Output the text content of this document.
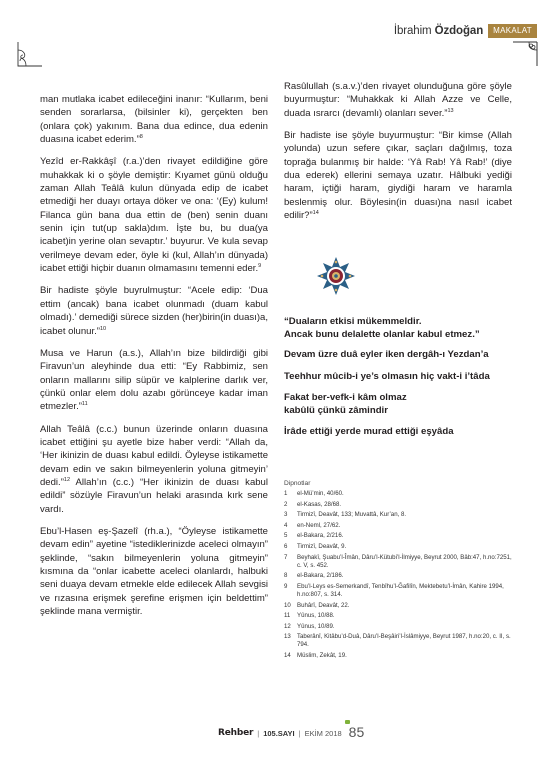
İbrahim Özdoğan	MAKALAT

man mutlaka icabet edileceğini inanır: “Kullarım, beni senden sorarlarsa, (bilsinler ki), gerçekten ben (onlara çok) yakınım. Bana dua edince, dua edenin duasına icabet ederim.”$^8$

Yezîd er-Rakkâşî (r.a.)’den rivayet edildiğine göre muhakkak ki o şöyle demiştir: Kıyamet günü olduğu zaman Allah Teâlâ kulun dünyada edip de icabet etmediği her duayı ortaya döker ve ona: ‘(Ey) kulum! Filanca gün bana dua ettin de (ben) senin duanı senin için tut(up sakla)dım. İşte bu, bu dua(ya icabet)in yerine olan sevaptır.’ buyurur. Ve kula sevap verilmeye devam eder, öyle ki (kul, Allah’ın dünyada) icabet ettiği hiçbir duanın olmamasını temenni eder.$^9$

Bir hadiste şöyle buyrulmuştur: “Acele edip: ‘Dua ettim (ancak) bana icabet olunmadı (duam kabul olmadı).’ demediği sürece sizden (her)birin(in duası)a, icabet olunur.”$^{10}$

Musa ve Harun (a.s.), Allah’ın bize bildirdiği gibi Firavun’un aleyhinde dua etti: “Ey Rabbimiz, sen onların mallarını silip süpür ve kalplerine darlık ver, çünkü onlar elem dolu azabı görünceye kadar iman etmezler.”$^{11}$

Allah Teâlâ (c.c.) bunun üzerinde onların duasına icabet ettiğini şu ayetle bize haber verdi: “Allah da, ‘Her ikinizin de duası kabul edildi. Öyleyse istikamette devam edin ve sakın bilmeyenlerin yoluna gitmeyin’ dedi.”$^{12}$ Allah’ın (c.c.) “Her ikinizin de duası kabul edildi” sözüyle Firavun’un helaki arasında kırk sene vardı.

Ebu’l-Hasen eş-Şazelî (rh.a.), “Öyleyse istikamette devam edin” ayetine “istediklerinizde aceleci olmayın” şeklinde, “sakın bilmeyenlerin yoluna gitmeyin” kısmına da “onlar icabette aceleci olanlardı, halbuki seni duaya devam etmekle elde edilecek Allah sevgisi ve rızasına erişmek şerefine erişmen için beldettim” şeklinde mana vermiştir.

Rasûlullah (s.a.v.)’den rivayet olunduğuna göre şöyle buyurmuştur: “Muhakkak ki Allah Azze ve Celle, duada ısrarcı (devamlı) olanları sever.”$^{13}$

Bir hadiste ise şöyle buyurmuştur: “Bir kimse (Allah yolunda) uzun sefere çıkar, saçları dağılmış, toza toprağa bulanmış bir halde: ‘Yâ Rab! Yâ Rab!’ (diye dua ederek) ellerini semaya uzatır. Hâlbuki yediği haram, içtiği haram, giydiği haram ve haramla beslenmiş olur. Böylesin(in duası)na nasıl icabet edilir?”$^{14}$

“Duaların etkisi mükemmeldir.
Ancak bunu delalette olanlar kabul etmez.”
Devam üzre duâ eyler iken dergâh-ı Yezdan’a
Teehhur mûcib-i ye’s olmasın hiç vakt-i i’tâda
Fakat ber-vefk-i kâm olmaz
kabûlü çünkü zâmindir
İrâde ettiği yerde murad ettiği eşyâda
Dipnotlar
1	el-Mü’min, 40/60.
2	el-Kasas, 28/68.
3	Tirmizî, Deavât, 133; Muvattâ, Kur’an, 8.
4	en-Neml, 27/62.
5	el-Bakara, 2/216.
6	Tirmizî, Deavât, 9.
7	Beyhakî, Şuabu’l-Îmân, Dâru’l-Kütubi’l-İlmiyye, Beyrut 2000, Bâb:47, h.no:7251, c. V, s. 452.
8	el-Bakara, 2/186.
9	Ebu’l-Leys es-Semerkandî, Tenbîhu’l-Ğafilîn, Mektebetu’l-İmân, Kahire 1994, h.no:807, s. 314.
10	Buhârî, Deavât, 22.
11	Yûnus, 10/88.
12	Yûnus, 10/89.
13	Taberânî, Kitâbu’d-Duâ, Dâru’l-Beşâiri’l-İslâmiyye, Beyrut 1987, h.no:20, c. II, s. 794.
14	Müslim, Zekât, 19.
Rehber | 105.SAYI | EKİM 2018 85
